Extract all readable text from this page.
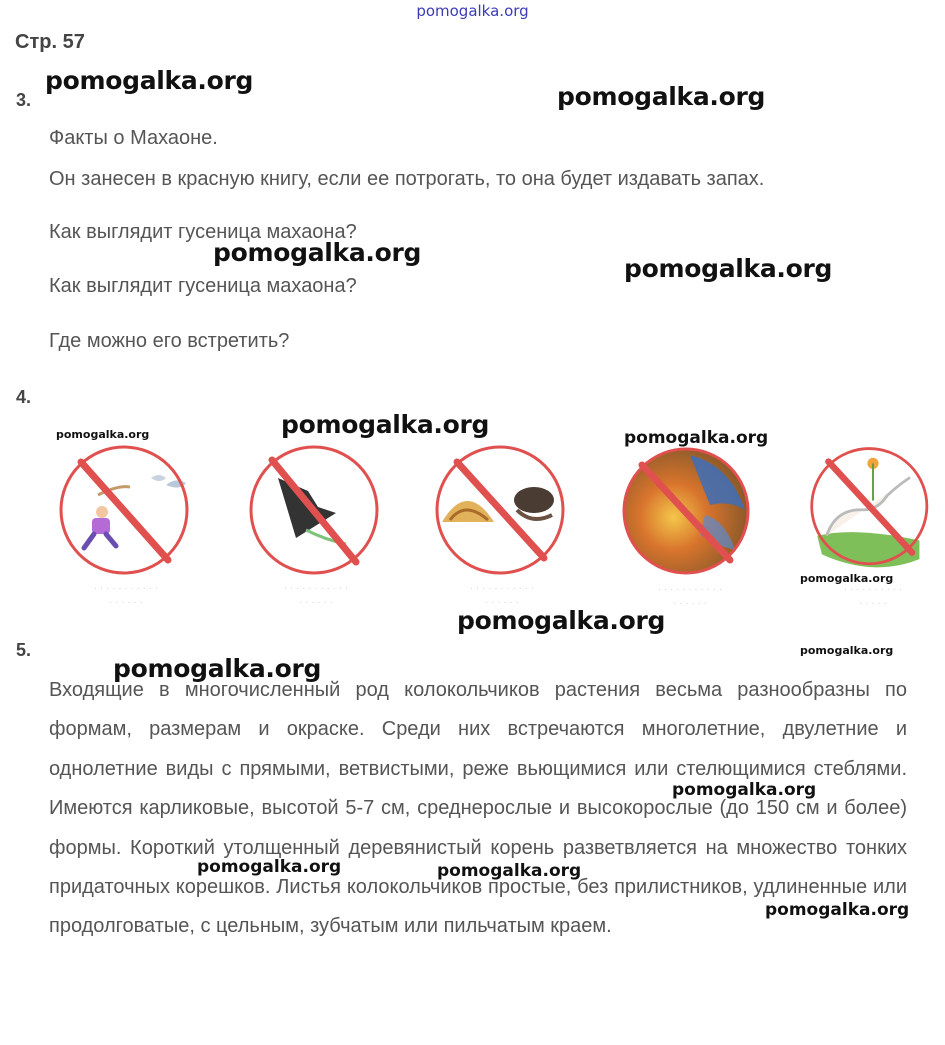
pomogalka.org
Стр. 57
3.
Факты о Махаоне.
Он занесен в красную книгу, если ее потрогать, то она будет издавать запах.
Как выглядит гусеница махаона?
Как выглядит гусеница махаона?
Где можно его встретить?
4.
· · · · · · · · · · ·
· · · · · ·
· · · · · · · · · · ·
· · · · · ·
· · · · · · · · · · ·
· · · · · ·
· · · · · · · · · · ·
· · · · · ·
· · · · · · · · · ·
· · · · ·
5.
Входящие в многочисленный род колокольчиков растения весьма разнообразны по формам, размерам и окраске. Среди них встречаются многолетние, двулетние и однолетние виды с прямыми, ветвистыми, реже вьющимися или стелющимися стеблями. Имеются карликовые, высотой 5-7 см, среднерослые и высокорослые (до 150 см и более) формы. Короткий утолщенный деревянистый корень разветвляется на множество тонких придаточных корешков. Листья колокольчиков простые, без прилистников, удлиненные или продолговатые, с цельным, зубчатым или пильчатым краем.
pomogalka.org
pomogalka.org
pomogalka.org
pomogalka.org
pomogalka.org	pomogalka.org	pomogalka.org
pomogalka.org
pomogalka.org
pomogalka.org
pomogalka.org
pomogalka.org
pomogalka.org	pomogalka.org
pomogalka.org
